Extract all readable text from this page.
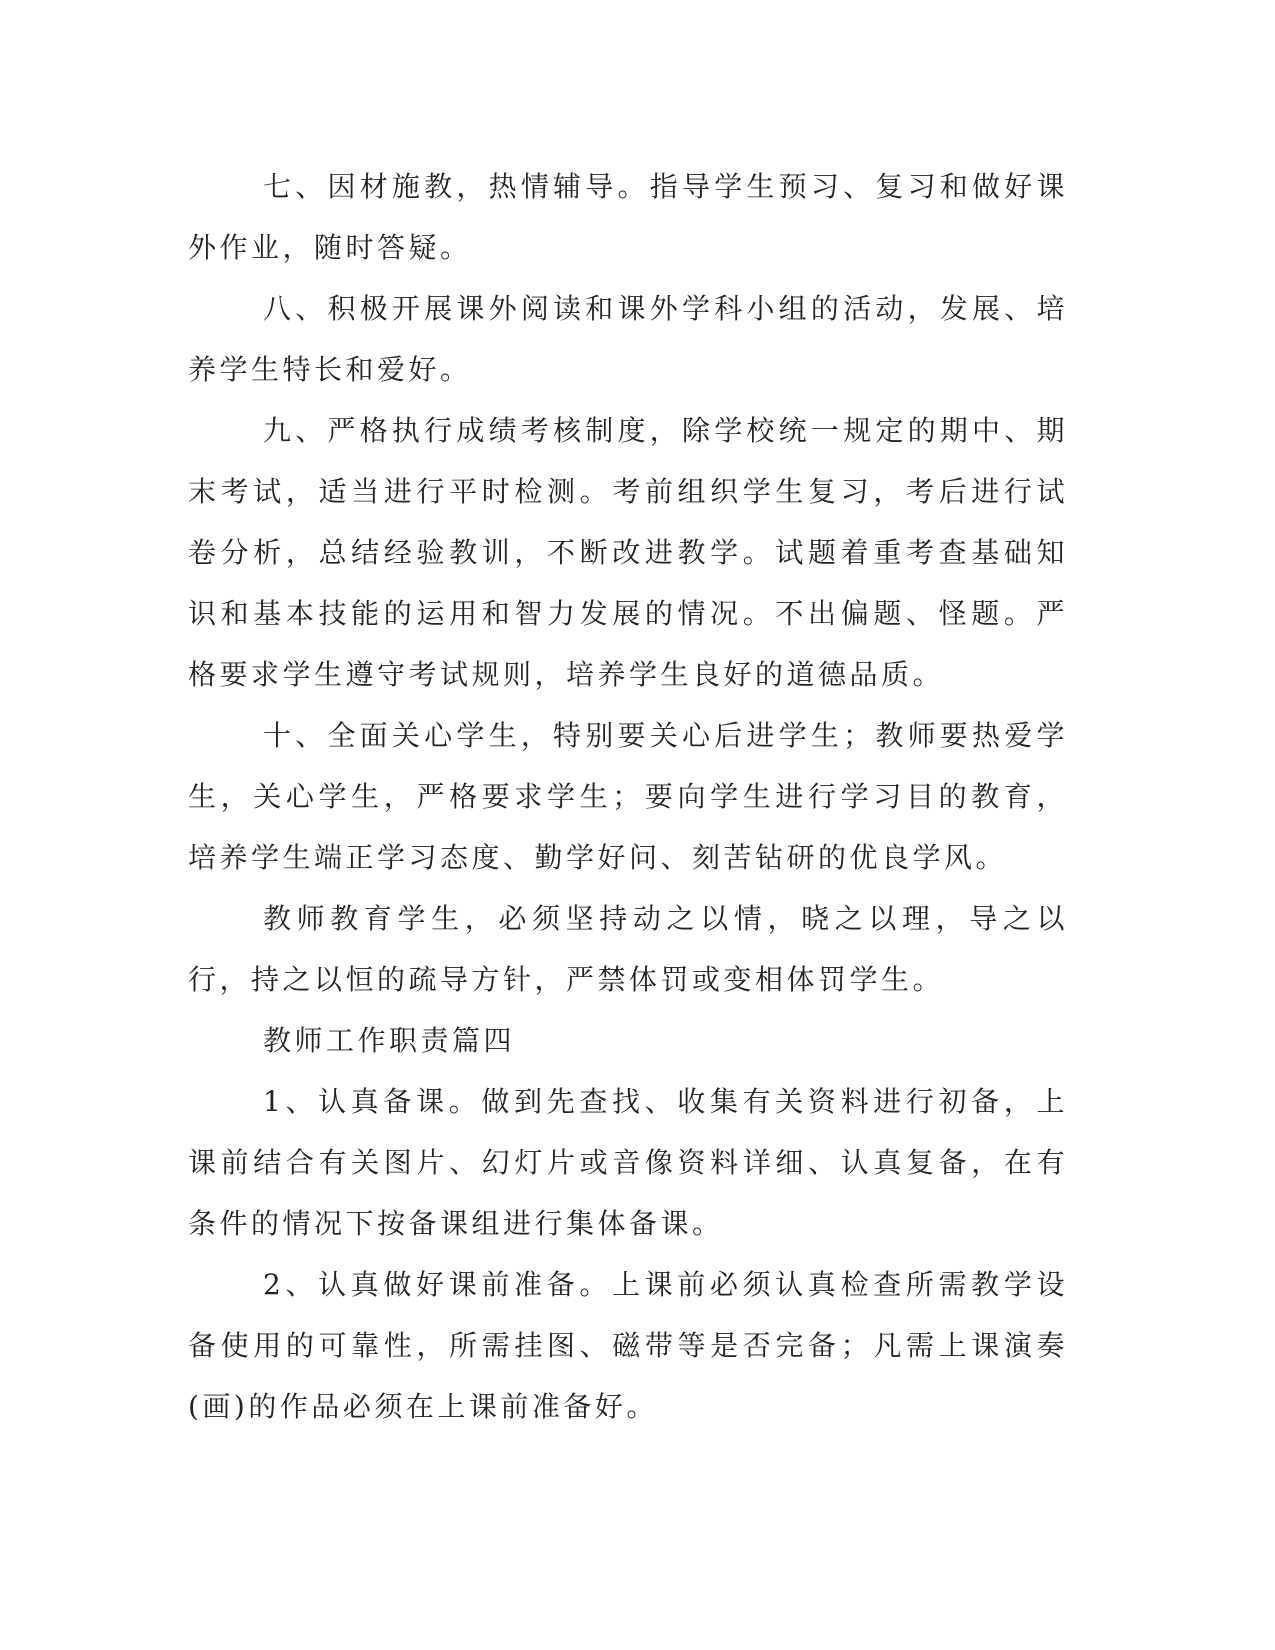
七、因材施教，热情辅导。指导学生预习、复习和做好课外作业，随时答疑。

八、积极开展课外阅读和课外学科小组的活动，发展、培养学生特长和爱好。

九、严格执行成绩考核制度，除学校统一规定的期中、期末考试，适当进行平时检测。考前组织学生复习，考后进行试卷分析，总结经验教训，不断改进教学。试题着重考查基础知识和基本技能的运用和智力发展的情况。不出偏题、怪题。严格要求学生遵守考试规则，培养学生良好的道德品质。

十、全面关心学生，特别要关心后进学生；教师要热爱学生，关心学生，严格要求学生；要向学生进行学习目的教育，培养学生端正学习态度、勤学好问、刻苦钻研的优良学风。

教师教育学生，必须坚持动之以情，晓之以理，导之以行，持之以恒的疏导方针，严禁体罚或变相体罚学生。

教师工作职责篇四

1、认真备课。做到先查找、收集有关资料进行初备，上课前结合有关图片、幻灯片或音像资料详细、认真复备，在有条件的情况下按备课组进行集体备课。

2、认真做好课前准备。上课前必须认真检查所需教学设备使用的可靠性，所需挂图、磁带等是否完备；凡需上课演奏(画)的作品必须在上课前准备好。
